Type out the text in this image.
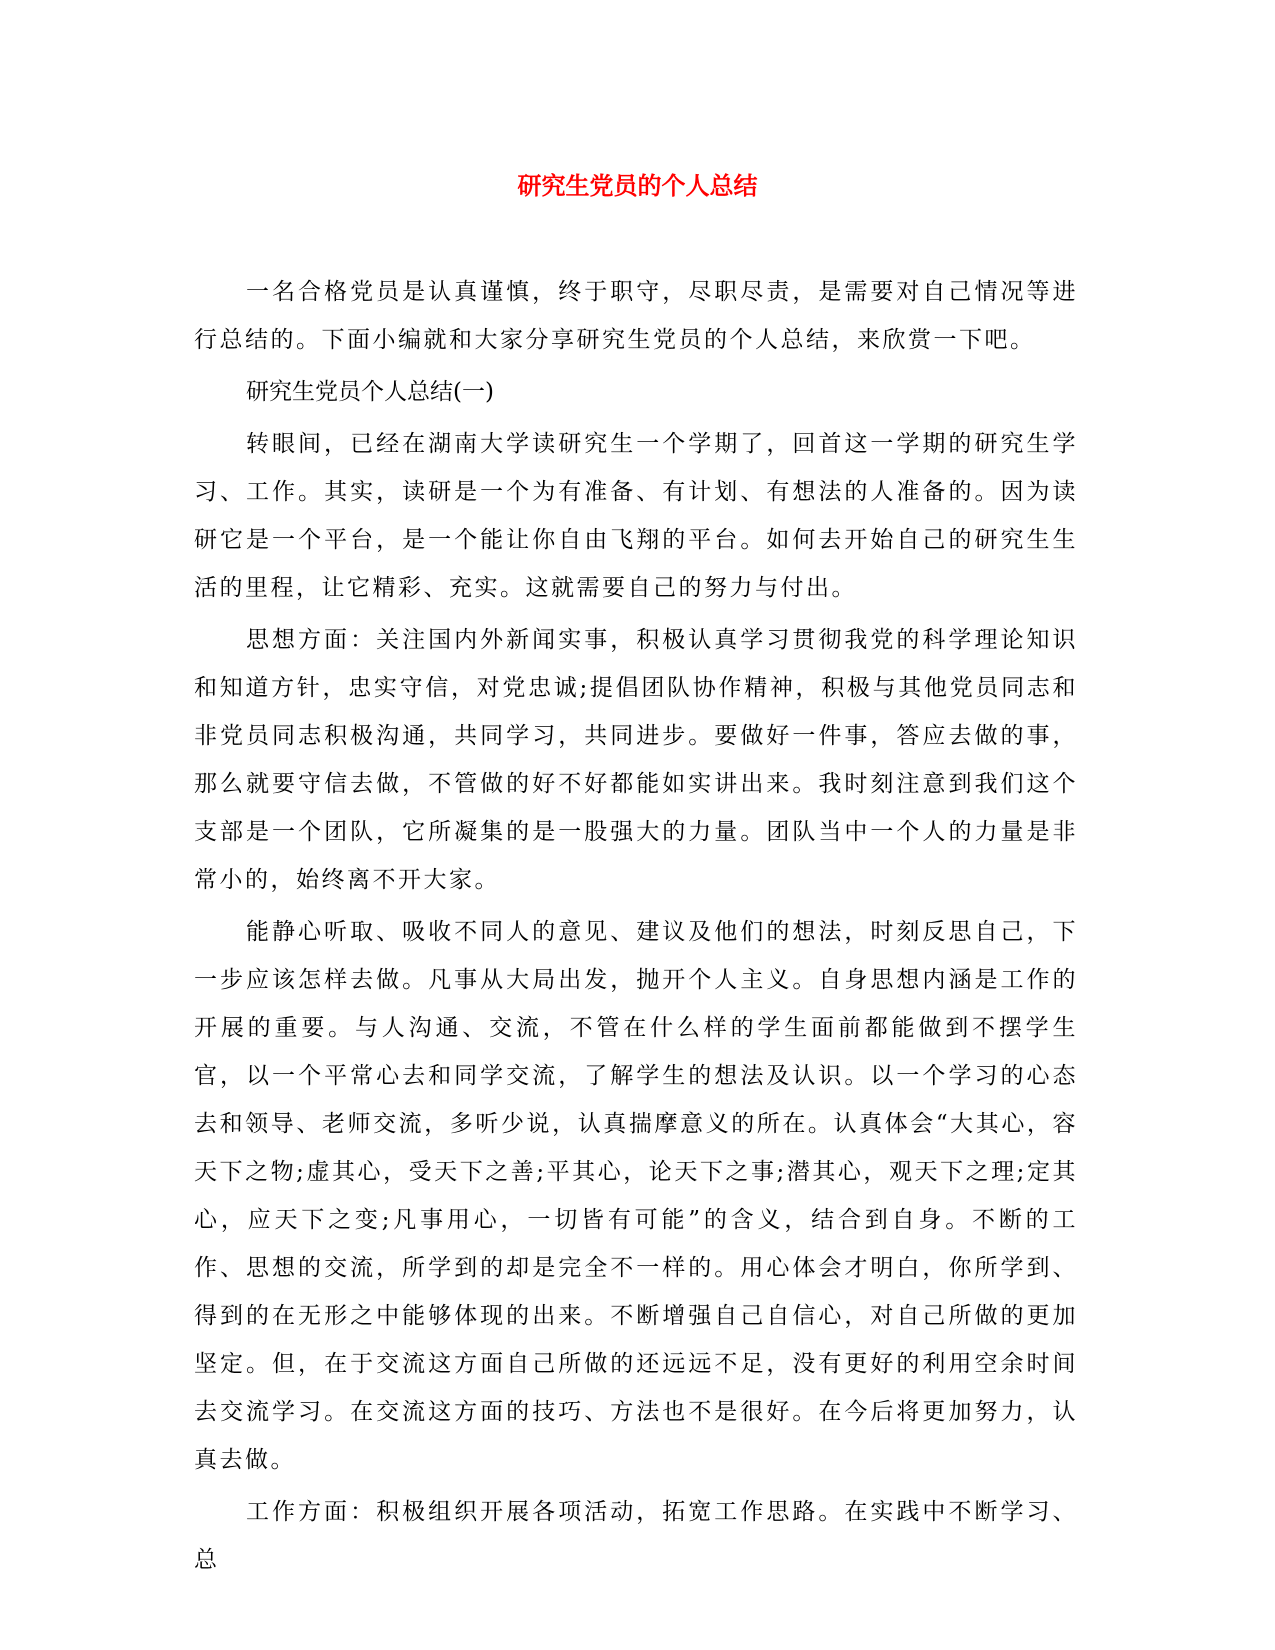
研究生党员的个人总结

一名合格党员是认真谨慎，终于职守，尽职尽责，是需要对自己情况等进行总结的。下面小编就和大家分享研究生党员的个人总结，来欣赏一下吧。

研究生党员个人总结(一)

转眼间，已经在湖南大学读研究生一个学期了，回首这一学期的研究生学习、工作。其实，读研是一个为有准备、有计划、有想法的人准备的。因为读研它是一个平台，是一个能让你自由飞翔的平台。如何去开始自己的研究生生活的里程，让它精彩、充实。这就需要自己的努力与付出。

思想方面：关注国内外新闻实事，积极认真学习贯彻我党的科学理论知识和知道方针，忠实守信，对党忠诚;提倡团队协作精神，积极与其他党员同志和非党员同志积极沟通，共同学习，共同进步。要做好一件事，答应去做的事，那么就要守信去做，不管做的好不好都能如实讲出来。我时刻注意到我们这个支部是一个团队，它所凝集的是一股强大的力量。团队当中一个人的力量是非常小的，始终离不开大家。

能静心听取、吸收不同人的意见、建议及他们的想法，时刻反思自己，下一步应该怎样去做。凡事从大局出发，抛开个人主义。自身思想内涵是工作的开展的重要。与人沟通、交流，不管在什么样的学生面前都能做到不摆学生官，以一个平常心去和同学交流，了解学生的想法及认识。以一个学习的心态去和领导、老师交流，多听少说，认真揣摩意义的所在。认真体会“大其心，容天下之物;虚其心，受天下之善;平其心，论天下之事;潜其心，观天下之理;定其心，应天下之变;凡事用心，一切皆有可能”的含义，结合到自身。不断的工作、思想的交流，所学到的却是完全不一样的。用心体会才明白，你所学到、得到的在无形之中能够体现的出来。不断增强自己自信心，对自己所做的更加坚定。但，在于交流这方面自己所做的还远远不足，没有更好的利用空余时间去交流学习。在交流这方面的技巧、方法也不是很好。在今后将更加努力，认真去做。

工作方面：积极组织开展各项活动，拓宽工作思路。在实践中不断学习、总
